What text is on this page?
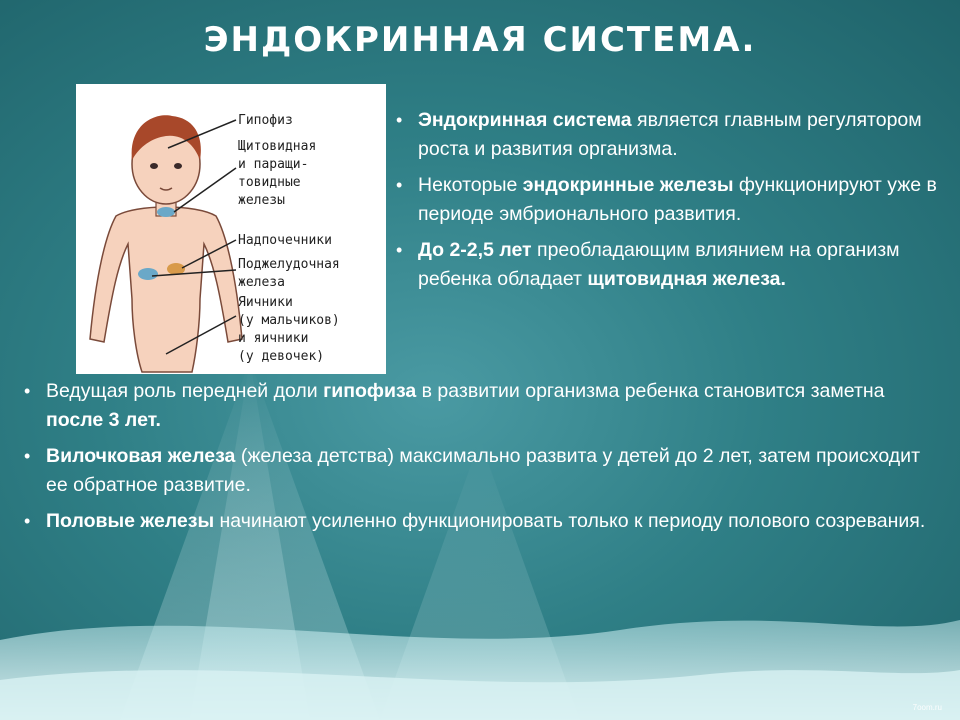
ЭНДОКРИННАЯ СИСТЕМА.
Гипофиз
Щитовидная
и паращи-
товидные
железы
Надпочечники
Поджелудочная
железа
Яичники
(у мальчиков)
и яичники
(у девочек)
• Эндокринная система является главным регулятором роста и развития организма.
• Некоторые эндокринные железы функционируют уже в периоде эмбрионального развития.
• До 2-2,5 лет преобладающим влиянием на организм ребенка обладает щитовидная железа.
• Ведущая роль передней доли гипофиза в развитии организма ребенка становится заметна после 3 лет.
• Вилочковая железа (железа детства) максимально развита у детей до 2 лет, затем происходит ее обратное развитие.
• Половые железы начинают усиленно функционировать только к периоду полового созревания.
7oom.ru
